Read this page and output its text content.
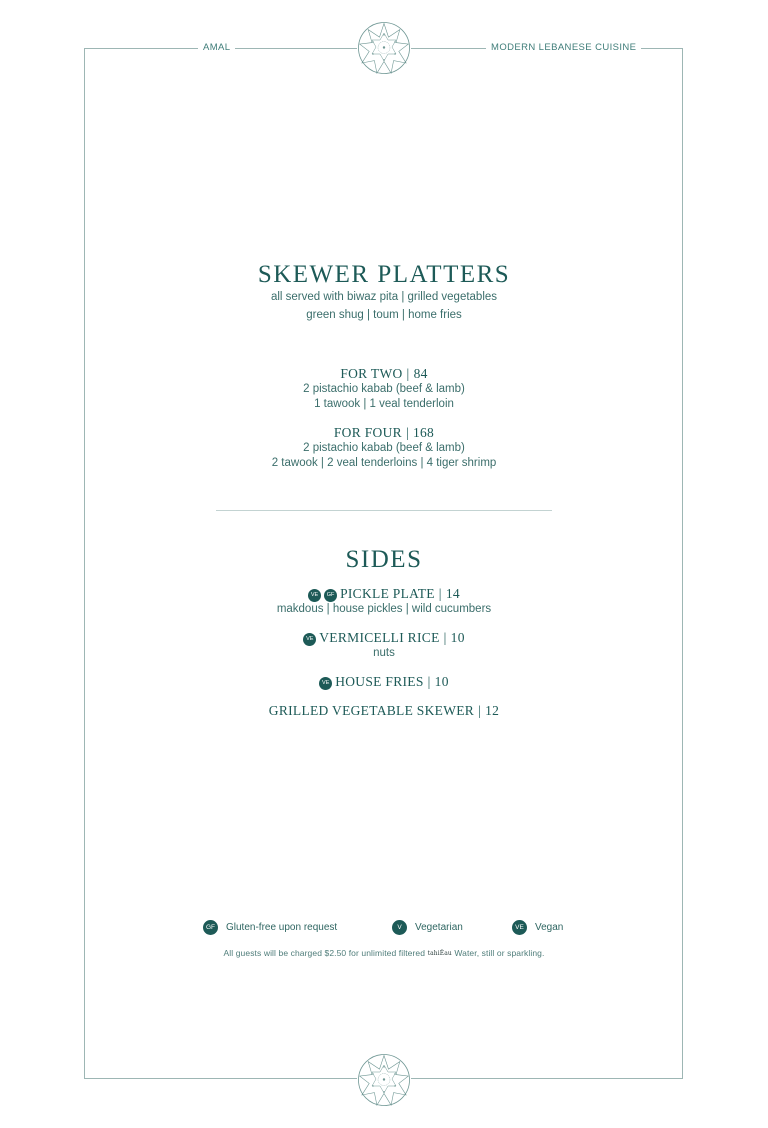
AMAL	MODERN LEBANESE CUISINE
SKEWER PLATTERS
all served with biwaz pita | grilled vegetables
green shug | toum | home fries
FOR TWO | 84
2 pistachio kabab (beef & lamb)
1 tawook | 1 veal tenderloin
FOR FOUR | 168
2 pistachio kabab (beef & lamb)
2 tawook | 2 veal tenderloins | 4 tiger shrimp
SIDES
VE GF PICKLE PLATE | 14
makdous | house pickles | wild cucumbers
VE VERMICELLI RICE | 10
nuts
VE HOUSE FRIES | 10
GRILLED VEGETABLE SKEWER | 12
GF Gluten-free upon request	V	Vegetarian	VE	Vegan
All guests will be charged $2.50 for unlimited filtered tahiÊau Water, still or sparkling.
